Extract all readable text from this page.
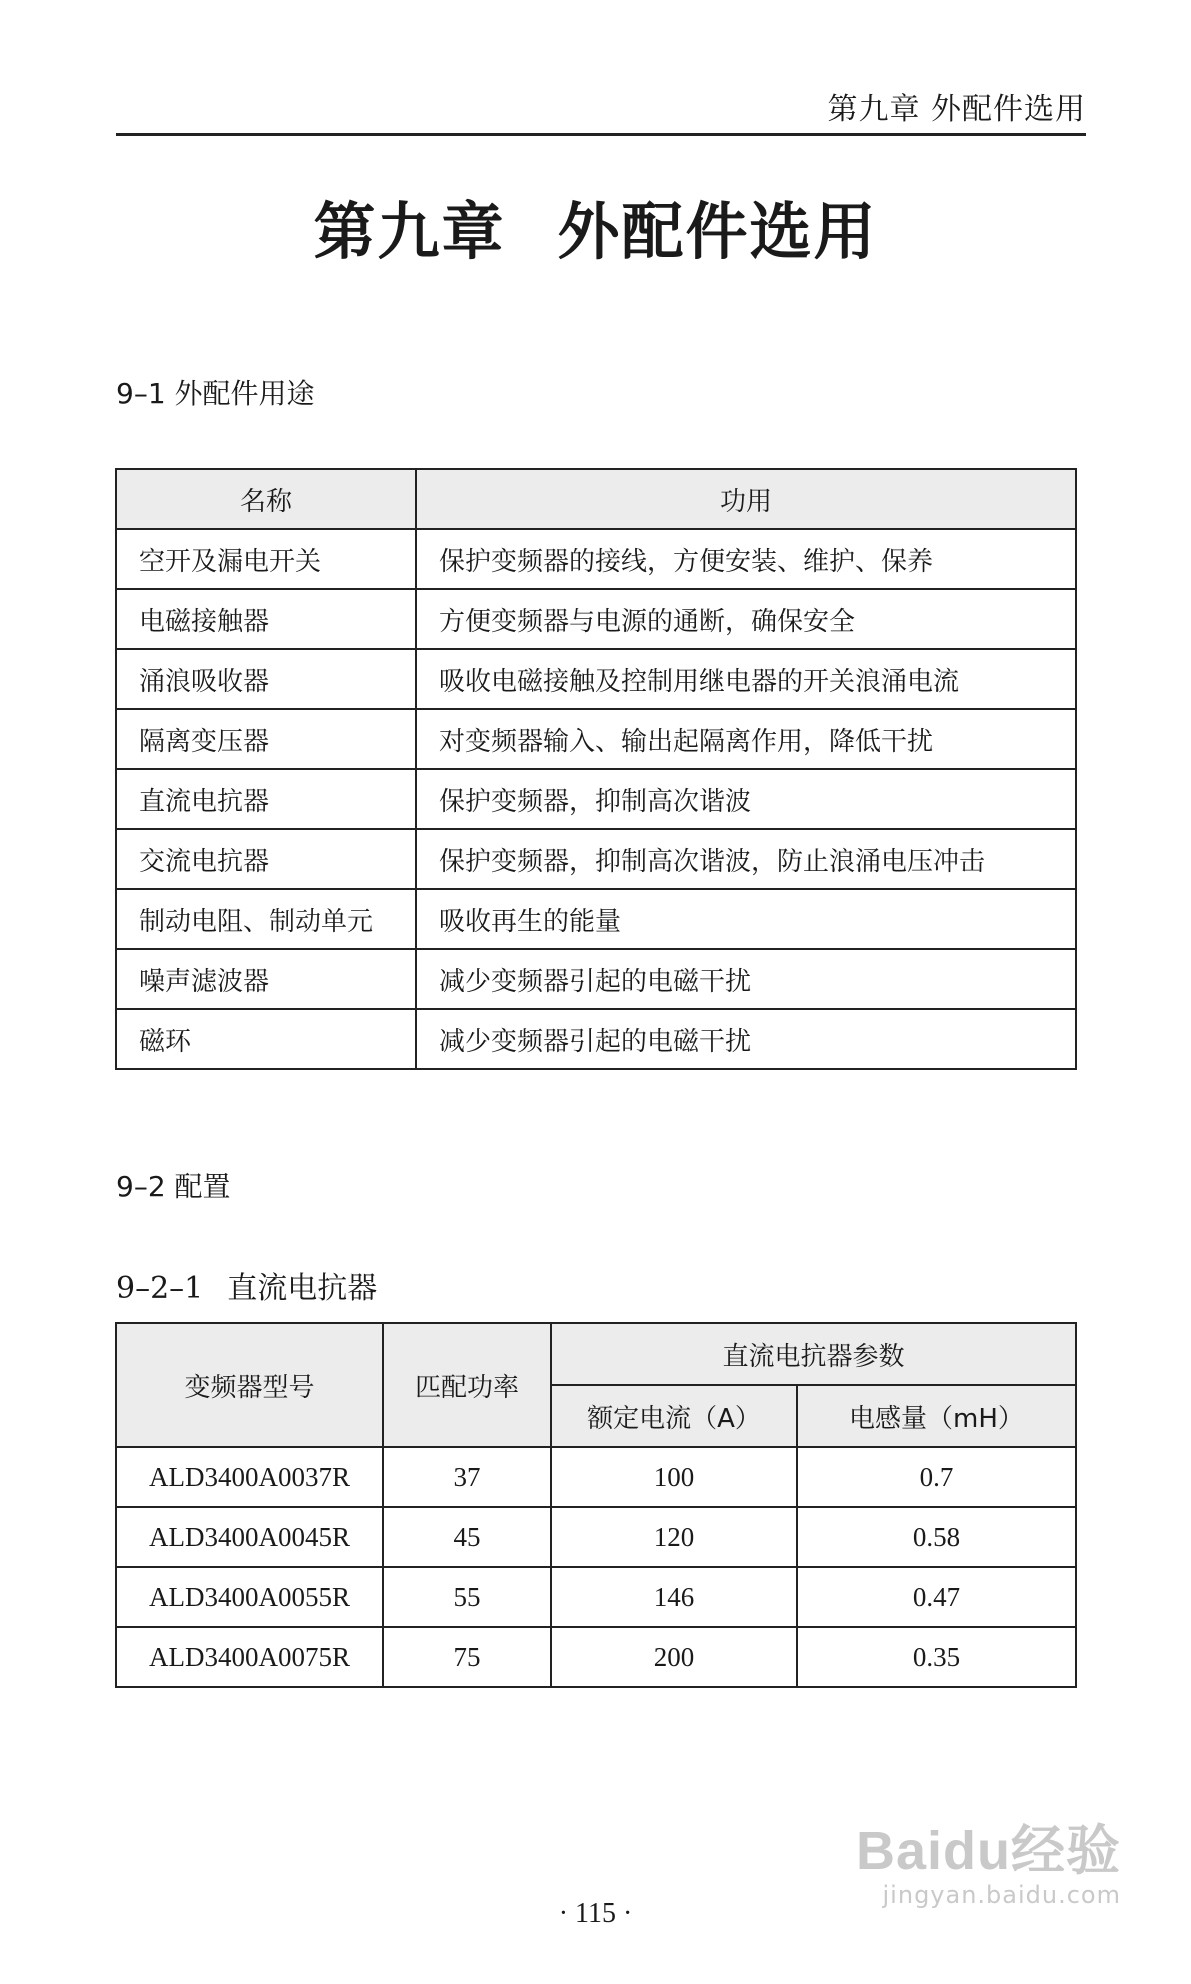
第九章 外配件选用
第九章 外配件选用
9–1 外配件用途
名称	功用
空开及漏电开关	保护变频器的接线，方便安装、维护、保养
电磁接触器	方便变频器与电源的通断，确保安全
涌浪吸收器	吸收电磁接触及控制用继电器的开关浪涌电流
隔离变压器	对变频器输入、输出起隔离作用，降低干扰
直流电抗器	保护变频器，抑制高次谐波
交流电抗器	保护变频器，抑制高次谐波，防止浪涌电压冲击
制动电阻、制动单元	吸收再生的能量
噪声滤波器	减少变频器引起的电磁干扰
磁环	减少变频器引起的电磁干扰
9–2 配置
9–2–1 直流电抗器
变频器型号	匹配功率	直流电抗器参数	
		额定电流（A）	电感量（mH）
ALD3400A0037R	37	100	0.7
ALD3400A0045R	45	120	0.58
ALD3400A0055R	55	146	0.47
ALD3400A0075R	75	200	0.35
Baidu经验
jingyan.baidu.com
· 115 ·
